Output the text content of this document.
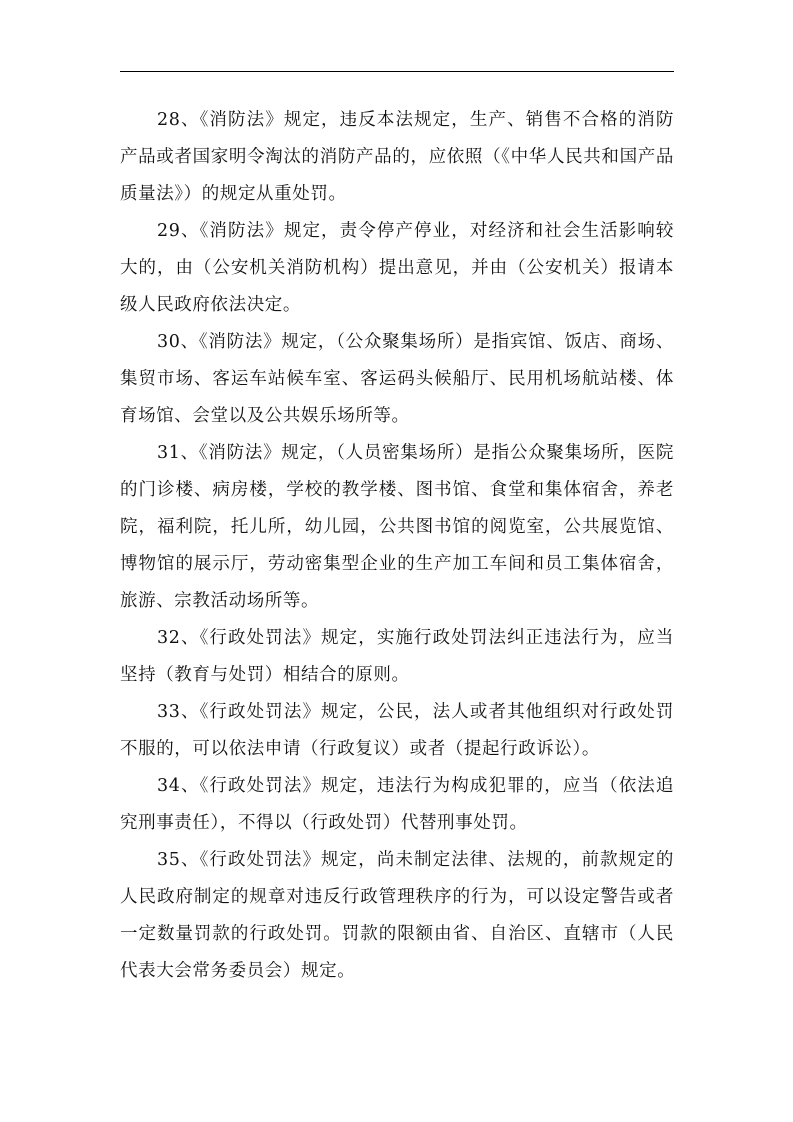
28、《消防法》规定，违反本法规定，生产、销售不合格的消防产品或者国家明令淘汰的消防产品的，应依照（《中华人民共和国产品质量法》）的规定从重处罚。

29、《消防法》规定，责令停产停业，对经济和社会生活影响较大的，由（公安机关消防机构）提出意见，并由（公安机关）报请本级人民政府依法决定。

30、《消防法》规定，（公众聚集场所）是指宾馆、饭店、商场、集贸市场、客运车站候车室、客运码头候船厅、民用机场航站楼、体育场馆、会堂以及公共娱乐场所等。

31、《消防法》规定，（人员密集场所）是指公众聚集场所，医院的门诊楼、病房楼，学校的教学楼、图书馆、食堂和集体宿舍，养老院，福利院，托儿所，幼儿园，公共图书馆的阅览室，公共展览馆、博物馆的展示厅，劳动密集型企业的生产加工车间和员工集体宿舍，旅游、宗教活动场所等。

32、《行政处罚法》规定，实施行政处罚法纠正违法行为，应当坚持（教育与处罚）相结合的原则。

33、《行政处罚法》规定，公民，法人或者其他组织对行政处罚不服的，可以依法申请（行政复议）或者（提起行政诉讼）。

34、《行政处罚法》规定，违法行为构成犯罪的，应当（依法追究刑事责任），不得以（行政处罚）代替刑事处罚。

35、《行政处罚法》规定，尚未制定法律、法规的，前款规定的人民政府制定的规章对违反行政管理秩序的行为，可以设定警告或者一定数量罚款的行政处罚。罚款的限额由省、自治区、直辖市（人民代表大会常务委员会）规定。
